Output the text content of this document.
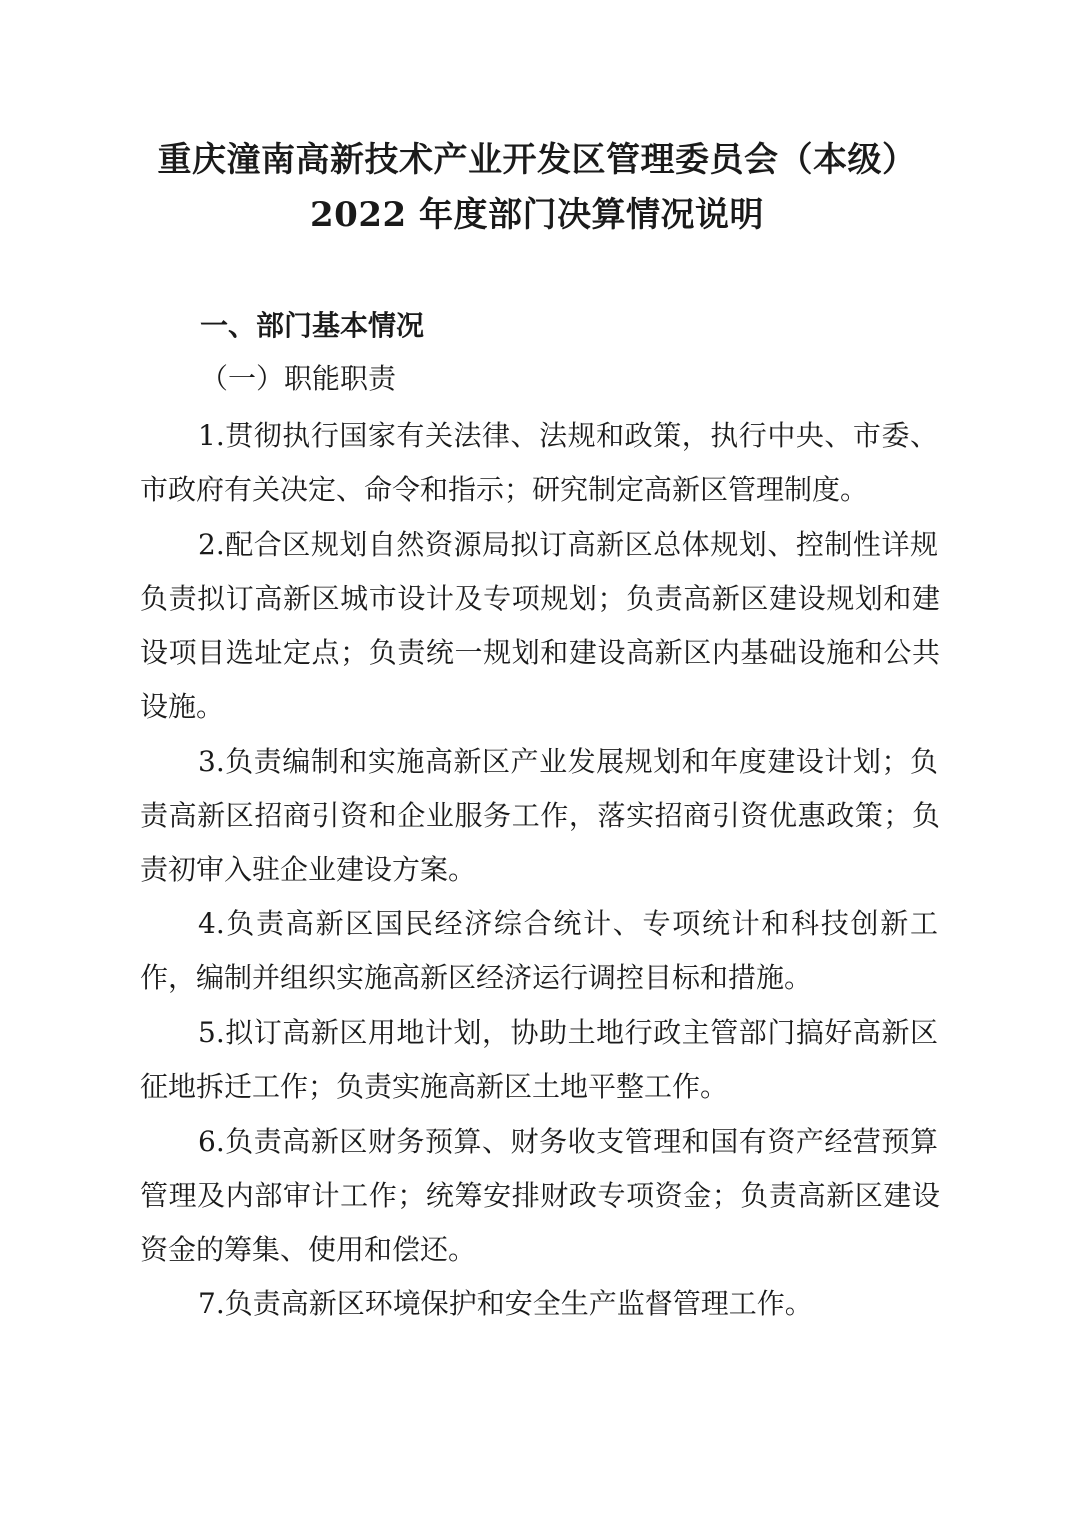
重庆潼南高新技术产业开发区管理委员会（本级）
2022 年度部门决算情况说明
一、部门基本情况
（一）职能职责
1.贯彻执行国家有关法律、法规和政策，执行中央、市委、
市政府有关决定、命令和指示；研究制定高新区管理制度。
2.配合区规划自然资源局拟订高新区总体规划、控制性详规
负责拟订高新区城市设计及专项规划；负责高新区建设规划和建
设项目选址定点；负责统一规划和建设高新区内基础设施和公共
设施。
3.负责编制和实施高新区产业发展规划和年度建设计划；负
责高新区招商引资和企业服务工作，落实招商引资优惠政策；负
责初审入驻企业建设方案。
4.负责高新区国民经济综合统计、专项统计和科技创新工
作，编制并组织实施高新区经济运行调控目标和措施。
5.拟订高新区用地计划，协助土地行政主管部门搞好高新区
征地拆迁工作；负责实施高新区土地平整工作。
6.负责高新区财务预算、财务收支管理和国有资产经营预算
管理及内部审计工作；统筹安排财政专项资金；负责高新区建设
资金的筹集、使用和偿还。
7.负责高新区环境保护和安全生产监督管理工作。
